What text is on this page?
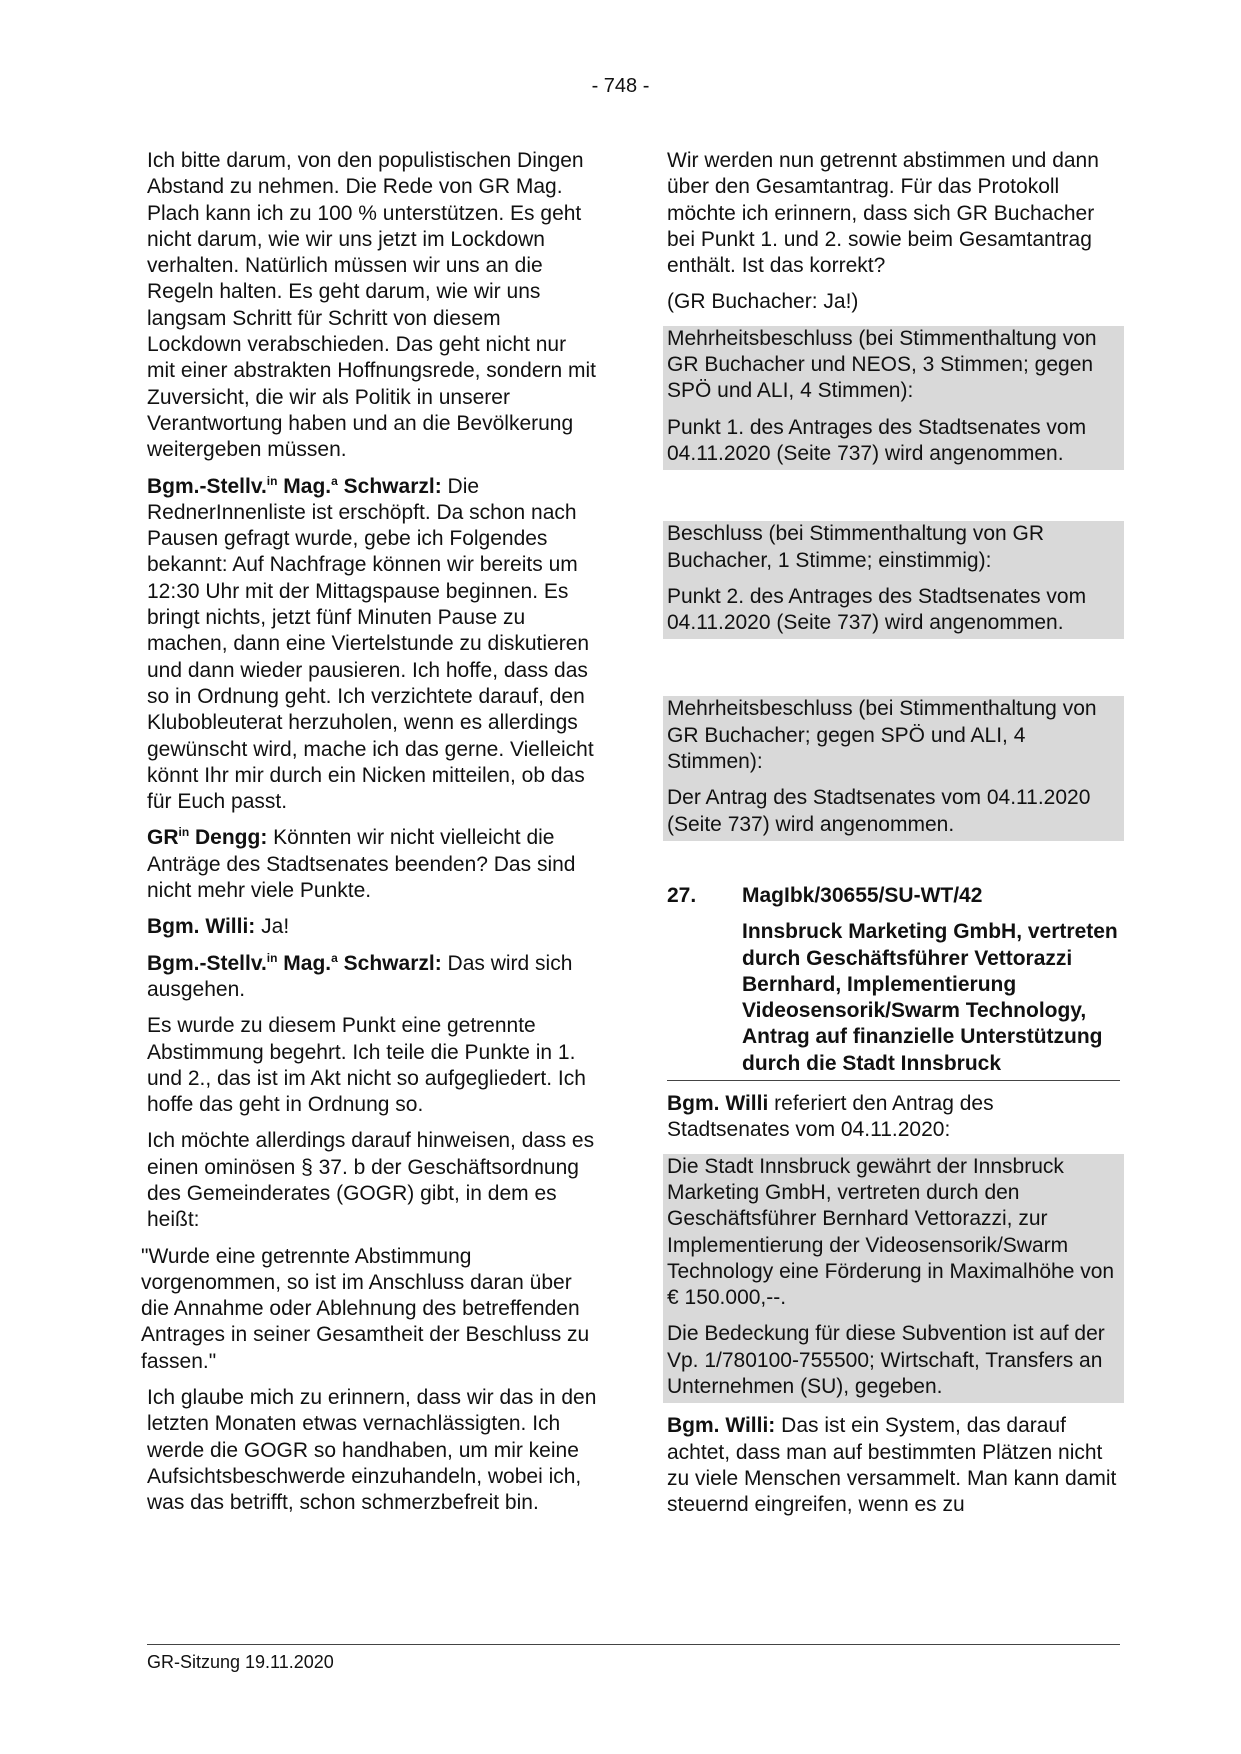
- 748 -

Ich bitte darum, von den populistischen Dingen Abstand zu nehmen. Die Rede von GR Mag. Plach kann ich zu 100 % unterstützen. Es geht nicht darum, wie wir uns jetzt im Lockdown verhalten. Natürlich müssen wir uns an die Regeln halten. Es geht darum, wie wir uns langsam Schritt für Schritt von diesem Lockdown verabschieden. Das geht nicht nur mit einer abstrakten Hoffnungsrede, sondern mit Zuversicht, die wir als Politik in unserer Verantwortung haben und an die Bevölkerung weitergeben müssen.

Bgm.-Stellv.$^{in}$ Mag.$^a$ Schwarzl: Die RednerInnenliste ist erschöpft. Da schon nach Pausen gefragt wurde, gebe ich Folgendes bekannt: Auf Nachfrage können wir bereits um 12:30 Uhr mit der Mittagspause beginnen. Es bringt nichts, jetzt fünf Minuten Pause zu machen, dann eine Viertelstunde zu diskutieren und dann wieder pausieren. Ich hoffe, dass das so in Ordnung geht. Ich verzichtete darauf, den Klubobleuterat herzuholen, wenn es allerdings gewünscht wird, mache ich das gerne. Vielleicht könnt Ihr mir durch ein Nicken mitteilen, ob das für Euch passt.

$GR^{in}$ Dengg: Könnten wir nicht vielleicht die Anträge des Stadtsenates beenden? Das sind nicht mehr viele Punkte.

Bgm. Willi: Ja!

Bgm.-Stellv.$^{in}$ Mag.$^a$ Schwarzl: Das wird sich ausgehen.

Es wurde zu diesem Punkt eine getrennte Abstimmung begehrt. Ich teile die Punkte in 1. und 2., das ist im Akt nicht so aufgegliedert. Ich hoffe das geht in Ordnung so.

Ich möchte allerdings darauf hinweisen, dass es einen ominösen § 37. b der Geschäftsordnung des Gemeinderates (GOGR) gibt, in dem es heißt:

"Wurde eine getrennte Abstimmung vorgenommen, so ist im Anschluss daran über die Annahme oder Ablehnung des betreffenden Antrages in seiner Gesamtheit der Beschluss zu fassen."

Ich glaube mich zu erinnern, dass wir das in den letzten Monaten etwas vernachlässigten. Ich werde die GOGR so handhaben, um mir keine Aufsichtsbeschwerde einzuhandeln, wobei ich, was das betrifft, schon schmerzbefreit bin.

Wir werden nun getrennt abstimmen und dann über den Gesamtantrag. Für das Protokoll möchte ich erinnern, dass sich GR Buchacher bei Punkt 1. und 2. sowie beim Gesamtantrag enthält. Ist das korrekt?

(GR Buchacher: Ja!)

Mehrheitsbeschluss (bei Stimmenthaltung von GR Buchacher und NEOS, 3 Stimmen; gegen SPÖ und ALI, 4 Stimmen):

Punkt 1. des Antrages des Stadtsenates vom 04.11.2020 (Seite 737) wird angenommen.

Beschluss (bei Stimmenthaltung von GR Buchacher, 1 Stimme; einstimmig):

Punkt 2. des Antrages des Stadtsenates vom 04.11.2020 (Seite 737) wird angenommen.

Mehrheitsbeschluss (bei Stimmenthaltung von GR Buchacher; gegen SPÖ und ALI, 4 Stimmen):

Der Antrag des Stadtsenates vom 04.11.2020 (Seite 737) wird angenommen.

27.	MagIbk/30655/SU-WT/42
Innsbruck Marketing GmbH, vertreten durch Geschäftsführer Vettorazzi Bernhard, Implementierung Videosensorik/Swarm Technology, Antrag auf finanzielle Unterstützung durch die Stadt Innsbruck

Bgm. Willi referiert den Antrag des Stadtsenates vom 04.11.2020:

Die Stadt Innsbruck gewährt der Innsbruck Marketing GmbH, vertreten durch den Geschäftsführer Bernhard Vettorazzi, zur Implementierung der Videosensorik/Swarm Technology eine Förderung in Maximalhöhe von € 150.000,--.

Die Bedeckung für diese Subvention ist auf der Vp. 1/780100-755500; Wirtschaft, Transfers an Unternehmen (SU), gegeben.

Bgm. Willi: Das ist ein System, das darauf achtet, dass man auf bestimmten Plätzen nicht zu viele Menschen versammelt. Man kann damit steuernd eingreifen, wenn es zu

GR-Sitzung 19.11.2020
